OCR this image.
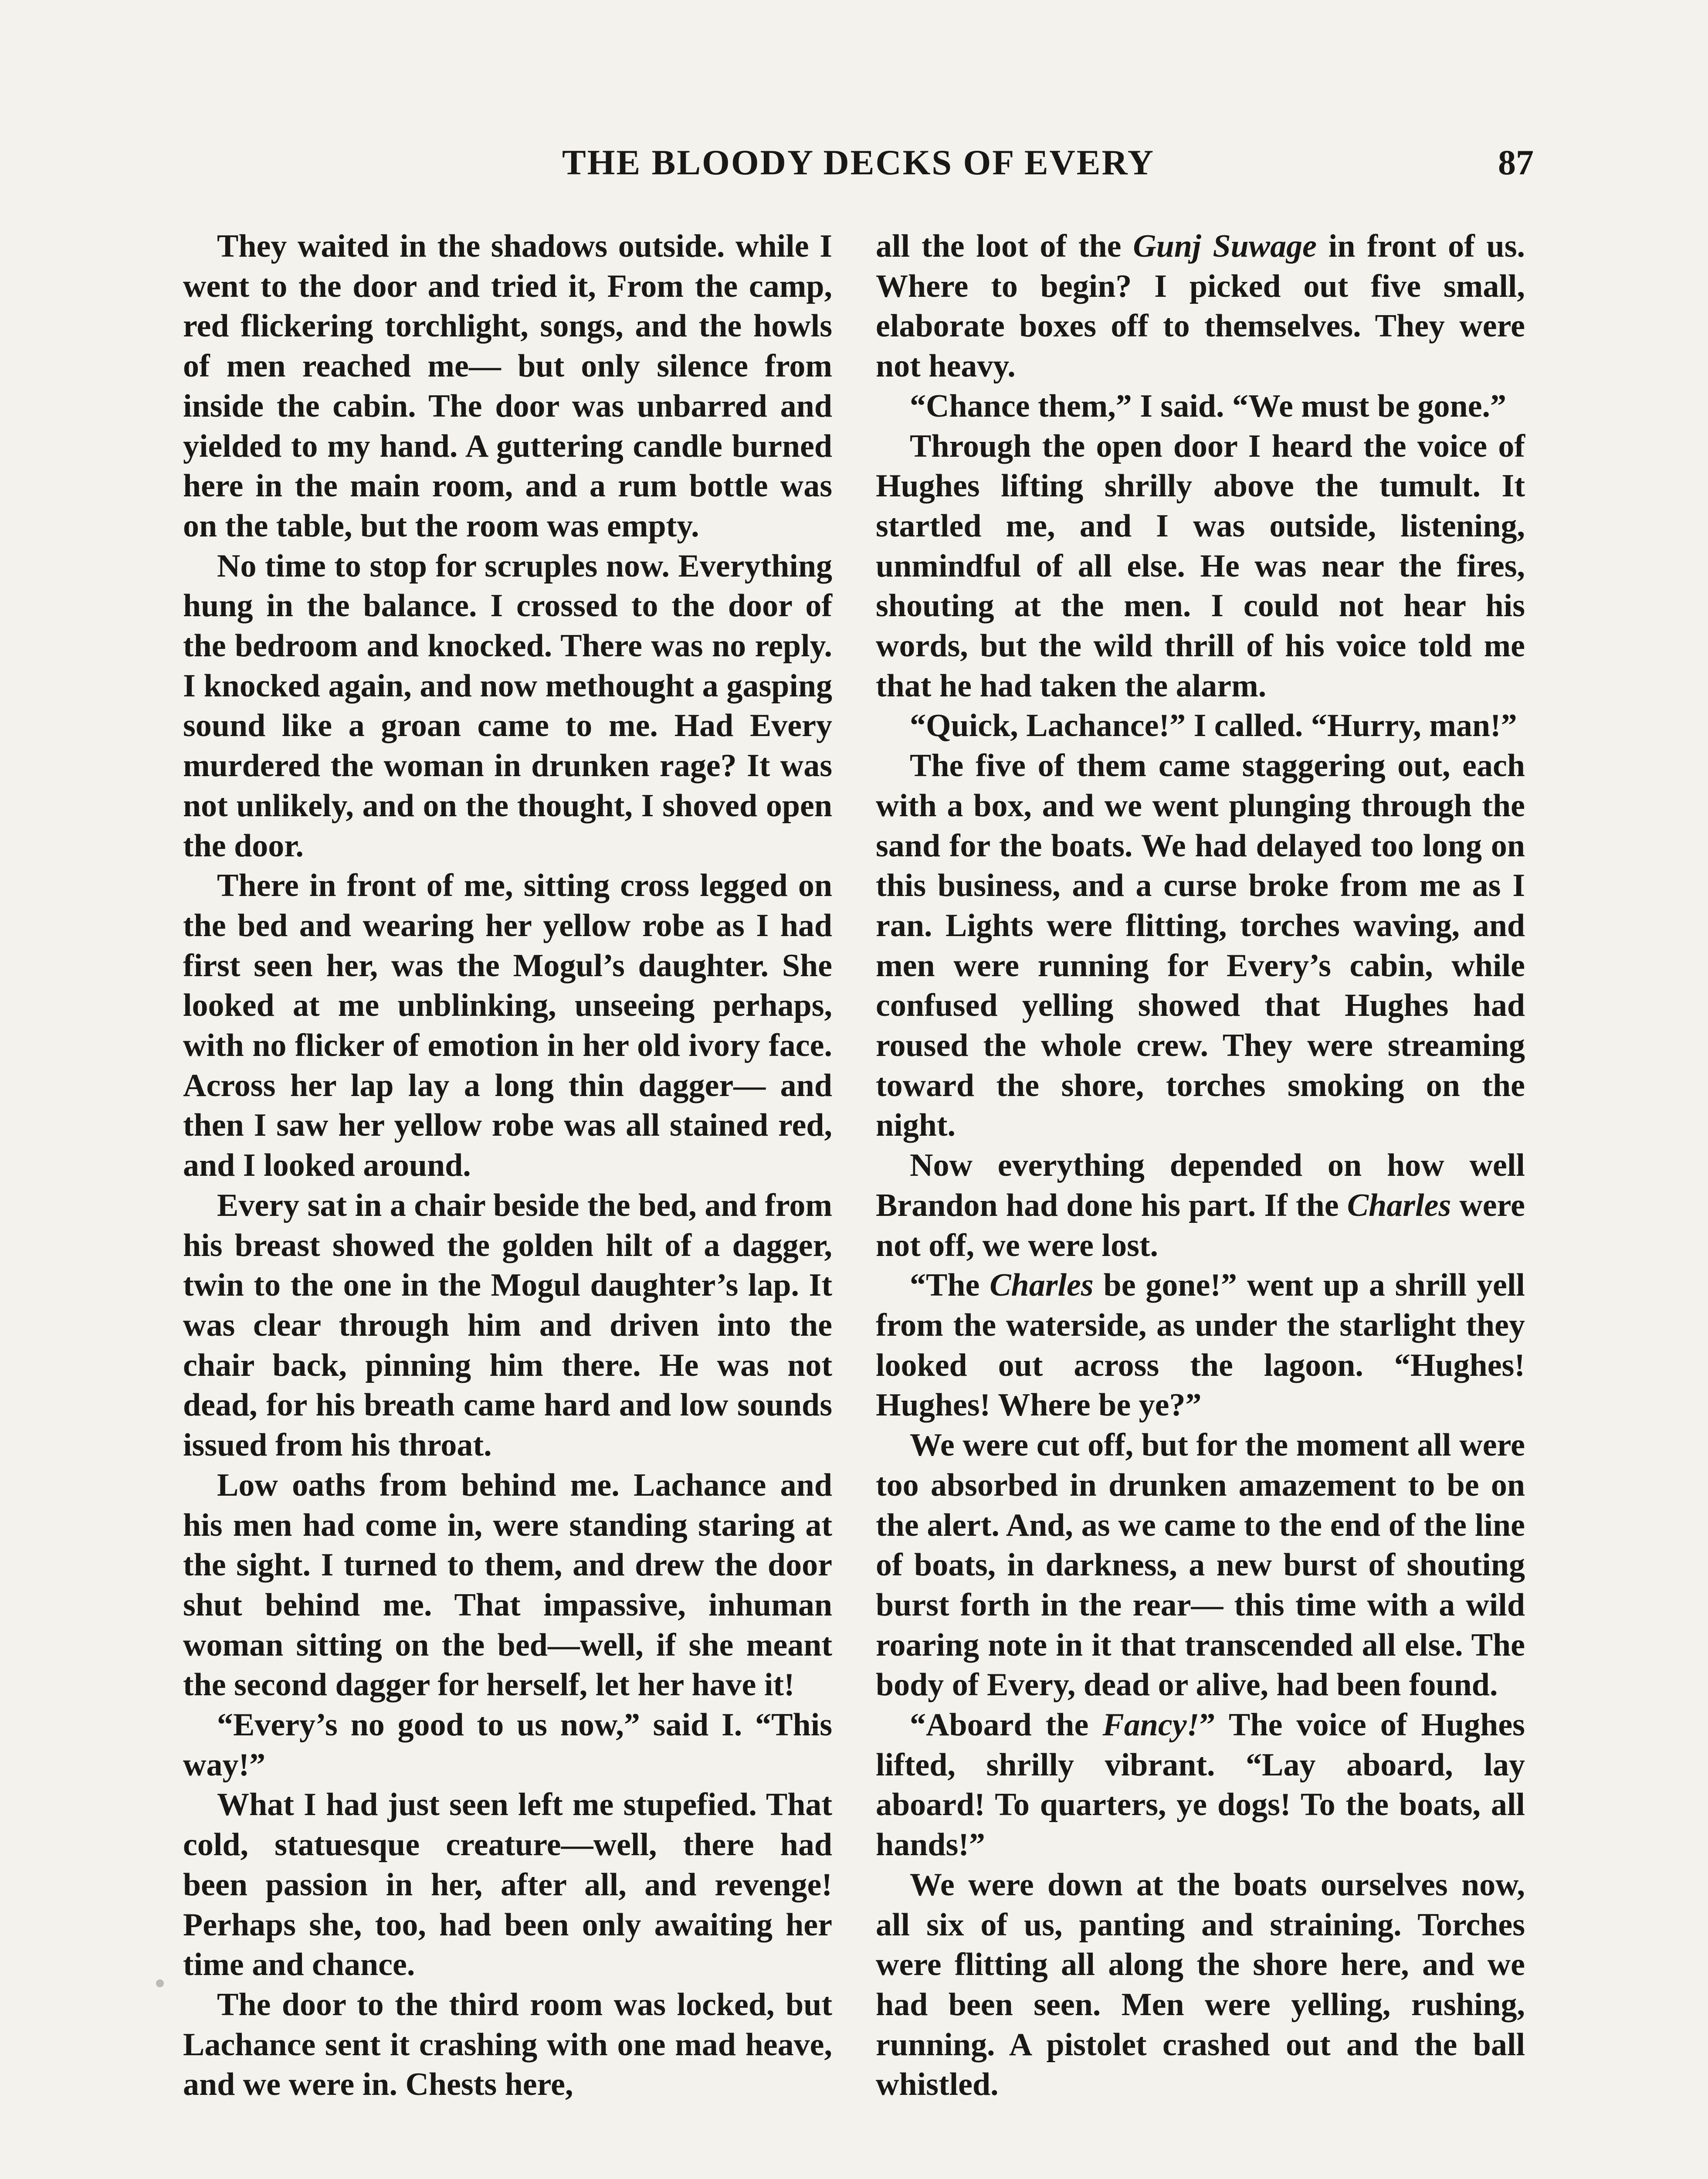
THE BLOODY DECKS OF EVERY	87

They waited in the shadows outside. while I went to the door and tried it, From the camp, red flickering torchlight, songs, and the howls of men reached me— but only silence from inside the cabin. The door was unbarred and yielded to my hand. A guttering candle burned here in the main room, and a rum bottle was on the table, but the room was empty.

No time to stop for scruples now. Everything hung in the balance. I crossed to the door of the bedroom and knocked. There was no reply. I knocked again, and now methought a gasping sound like a groan came to me. Had Every murdered the woman in drunken rage? It was not unlikely, and on the thought, I shoved open the door.

There in front of me, sitting cross legged on the bed and wearing her yellow robe as I had first seen her, was the Mogul’s daughter. She looked at me unblinking, unseeing perhaps, with no flicker of emotion in her old ivory face. Across her lap lay a long thin dagger— and then I saw her yellow robe was all stained red, and I looked around.

Every sat in a chair beside the bed, and from his breast showed the golden hilt of a dagger, twin to the one in the Mogul daughter’s lap. It was clear through him and driven into the chair back, pinning him there. He was not dead, for his breath came hard and low sounds issued from his throat.

Low oaths from behind me. Lachance and his men had come in, were standing staring at the sight. I turned to them, and drew the door shut behind me. That impassive, inhuman woman sitting on the bed—well, if she meant the second dagger for herself, let her have it!

“Every’s no good to us now,” said I. “This way!”

What I had just seen left me stupefied. That cold, statuesque creature—well, there had been passion in her, after all, and revenge! Perhaps she, too, had been only awaiting her time and chance.

The door to the third room was locked, but Lachance sent it crashing with one mad heave, and we were in. Chests here,

all the loot of the Gunj Suwage in front of us. Where to begin? I picked out five small, elaborate boxes off to themselves. They were not heavy.

“Chance them,” I said. “We must be gone.”

Through the open door I heard the voice of Hughes lifting shrilly above the tumult. It startled me, and I was outside, listening, unmindful of all else. He was near the fires, shouting at the men. I could not hear his words, but the wild thrill of his voice told me that he had taken the alarm.

“Quick, Lachance!” I called. “Hurry, man!”

The five of them came staggering out, each with a box, and we went plunging through the sand for the boats. We had delayed too long on this business, and a curse broke from me as I ran. Lights were flitting, torches waving, and men were running for Every’s cabin, while confused yelling showed that Hughes had roused the whole crew. They were streaming toward the shore, torches smoking on the night.

Now everything depended on how well Brandon had done his part. If the Charles were not off, we were lost.

“The Charles be gone!” went up a shrill yell from the waterside, as under the starlight they looked out across the lagoon. “Hughes! Hughes! Where be ye?”

We were cut off, but for the moment all were too absorbed in drunken amazement to be on the alert. And, as we came to the end of the line of boats, in darkness, a new burst of shouting burst forth in the rear— this time with a wild roaring note in it that transcended all else. The body of Every, dead or alive, had been found.

“Aboard the Fancy!” The voice of Hughes lifted, shrilly vibrant. “Lay aboard, lay aboard! To quarters, ye dogs! To the boats, all hands!”

We were down at the boats ourselves now, all six of us, panting and straining. Torches were flitting all along the shore here, and we had been seen. Men were yelling, rushing, running. A pistolet crashed out and the ball whistled.
